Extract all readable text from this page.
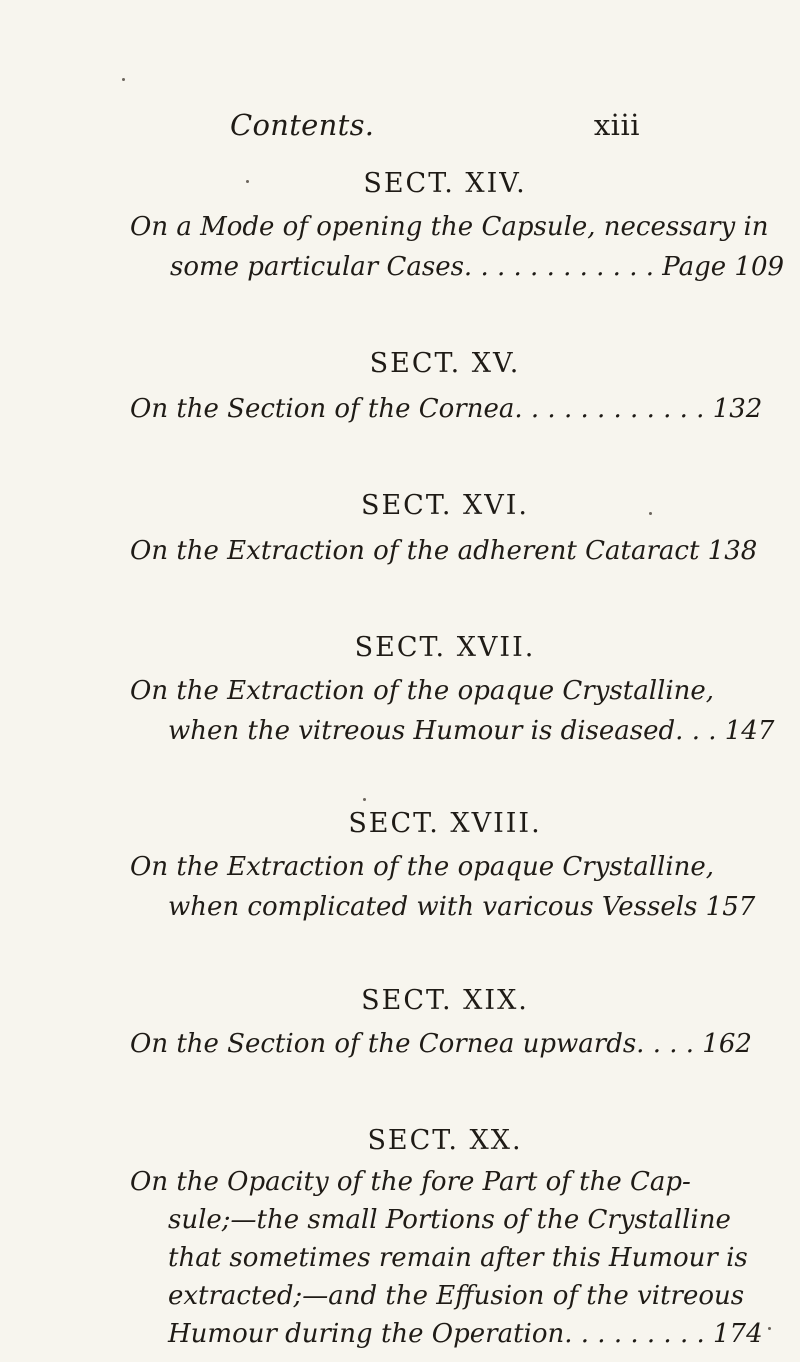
Contents.	xiii
SECT. XIV.
On a Mode of opening the Capsule, necessary in
some particular Cases. . . . . . . . . . . . Page 109
SECT. XV.
On the Section of the Cornea. . . . . . . . . . . . 132
SECT. XVI.
On the Extraction of the adherent Cataract 138
SECT. XVII.
On the Extraction of the opaque Crystalline,
when the vitreous Humour is diseased. . . 147
SECT. XVIII.
On the Extraction of the opaque Crystalline,
when complicated with varicous Vessels 157
SECT. XIX.
On the Section of the Cornea upwards. . . . 162
SECT. XX.
On the Opacity of the fore Part of the Cap-
sule;—the small Portions of the Crystalline
that sometimes remain after this Humour is
extracted;—and the Effusion of the vitreous
Humour during the Operation. . . . . . . . . 174
